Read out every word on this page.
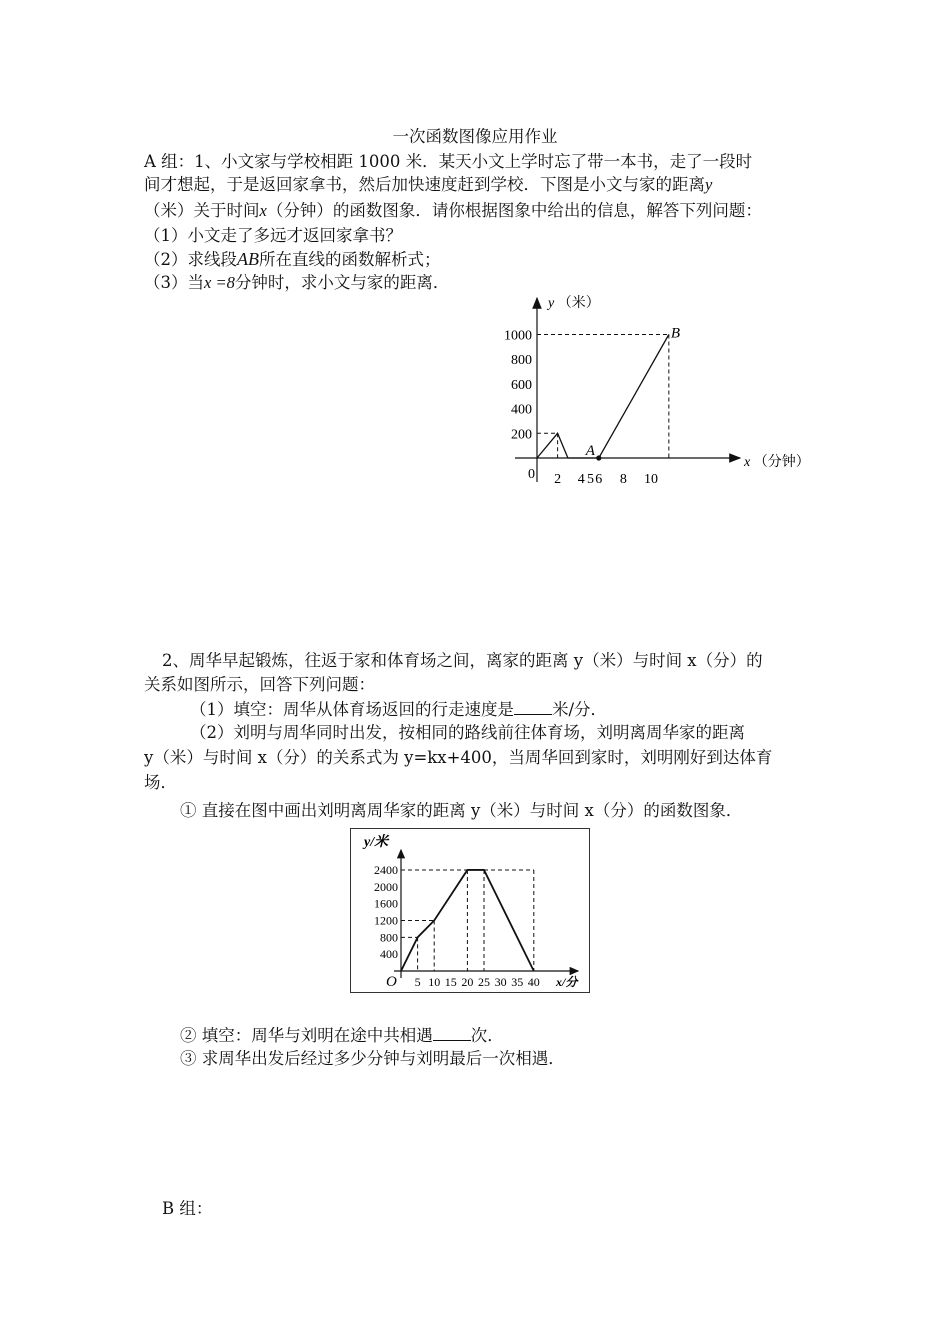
一次函数图像应用作业
A 组：1、小文家与学校相距 1000 米．某天小文上学时忘了带一本书，走了一段时
间才想起，于是返回家拿书，然后加快速度赶到学校．下图是小文与家的距离y
（米）关于时间x（分钟）的函数图象．请你根据图象中给出的信息，解答下列问题：
（1）小文走了多远才返回家拿书？
（2）求线段AB所在直线的函数解析式；
（3）当x =8分钟时，求小文与家的距离．
y （米）
x （分钟）
0
200
400
600
800
1000
2 4 5 6 8 10
A
B
2、周华早起锻炼，往返于家和体育场之间，离家的距离 y（米）与时间 x（分）的
关系如图所示，回答下列问题：
（1）填空：周华从体育场返回的行走速度是 米/分．
（2）刘明与周华同时出发，按相同的路线前往体育场，刘明离周华家的距离
y（米）与时间 x（分）的关系式为 y=kx+400，当周华回到家时，刘明刚好到达体育
场．
① 直接在图中画出刘明离周华家的距离 y（米）与时间 x（分）的函数图象．
y/米
x/分
O
400
800
1200
1600
2000
2400
5 10 15 20 25 30 35 40
② 填空：周华与刘明在途中共相遇 次．
③ 求周华出发后经过多少分钟与刘明最后一次相遇．
B 组：
